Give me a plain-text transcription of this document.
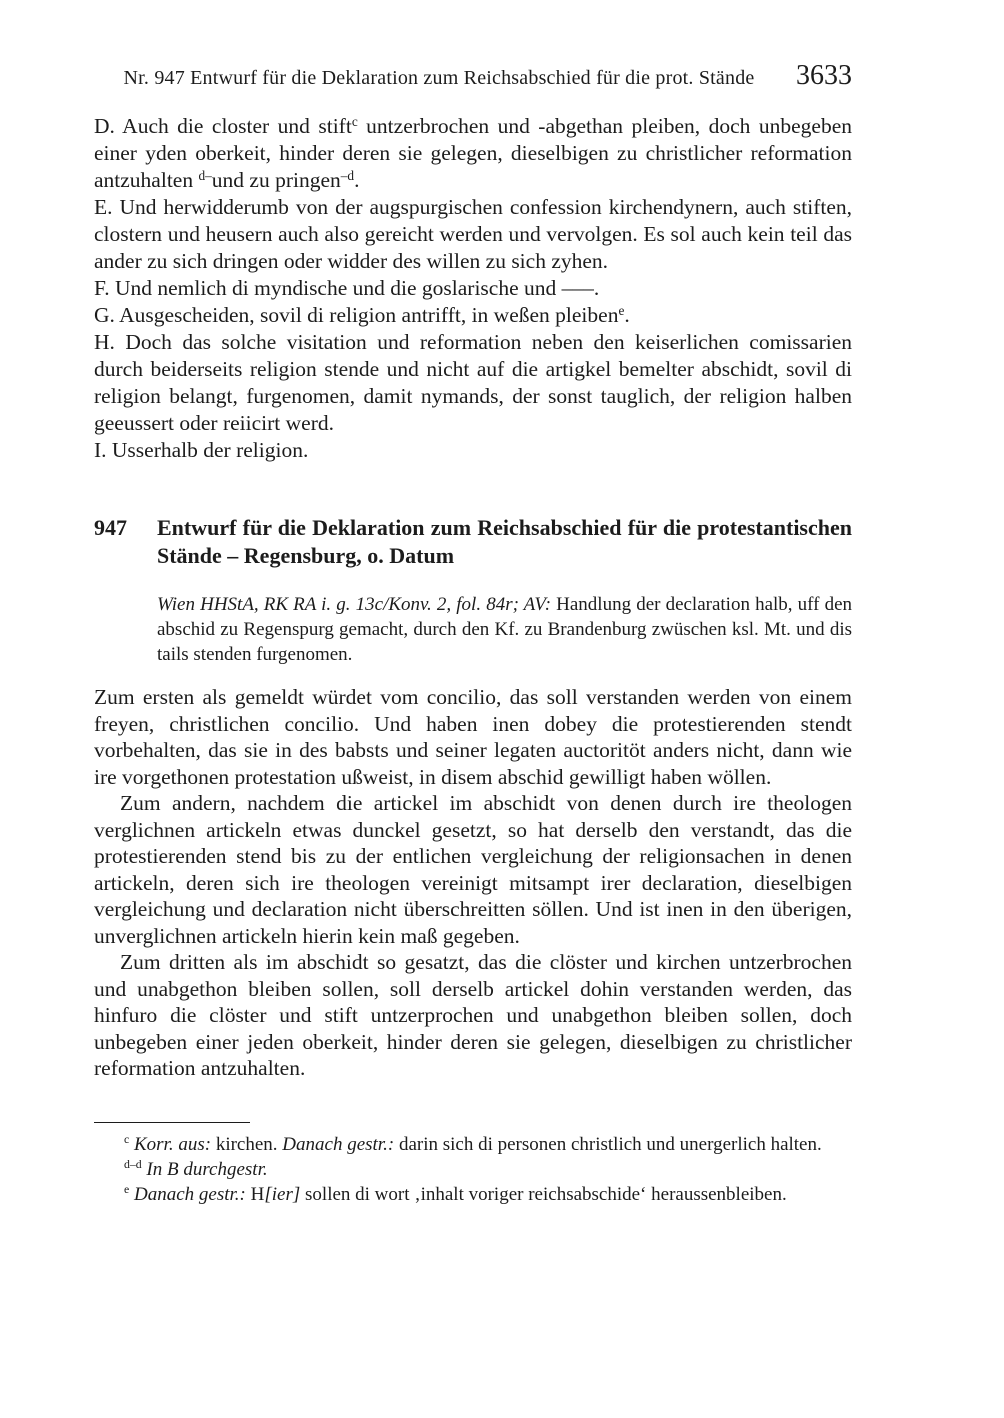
Nr. 947 Entwurf für die Deklaration zum Reichsabschied für die prot. Stände	3633

D. Auch die closter und stift$^c$ untzerbrochen und -abgethan pleiben, doch unbegeben einer yden oberkeit, hinder deren sie gelegen, dieselbigen zu christlicher reformation antzuhalten $^{d-}$und zu pringen$^{-d}$.

E. Und herwidderumb von der augspurgischen confession kirchendynern, auch stiften, clostern und heusern auch also gereicht werden und vervolgen. Es sol auch kein teil das ander zu sich dringen oder widder des willen zu sich zyhen.

F. Und nemlich di myndische und die goslarische und –––.

G. Ausgescheiden, sovil di religion antrifft, in weßen pleiben$^e$.

H. Doch das solche visitation und reformation neben den keiserlichen comissarien durch beiderseits religion stende und nicht auf die artigkel bemelter abschidt, sovil di religion belangt, furgenomen, damit nymands, der sonst tauglich, der religion halben geeussert oder reiicirt werd.

I. Usserhalb der religion.

947	Entwurf für die Deklaration zum Reichsabschied für die protestantischen Stände – Regensburg, o. Datum

Wien HHStA, RK RA i. g. 13c/Konv. 2, fol. 84r; AV: Handlung der declaration halb, uff den abschid zu Regenspurg gemacht, durch den Kf. zu Brandenburg zwüschen ksl. Mt. und dis tails stenden furgenomen.

Zum ersten als gemeldt würdet vom concilio, das soll verstanden werden von einem freyen, christlichen concilio. Und haben inen dobey die protestierenden stendt vorbehalten, das sie in des babsts und seiner legaten auctoritöt anders nicht, dann wie ire vorgethonen protestation ußweist, in disem abschid gewilligt haben wöllen.

Zum andern, nachdem die artickel im abschidt von denen durch ire theologen verglichnen artickeln etwas dunckel gesetzt, so hat derselb den verstandt, das die protestierenden stend bis zu der entlichen vergleichung der religionsachen in denen artickeln, deren sich ire theologen vereinigt mitsampt irer declaration, dieselbigen vergleichung und declaration nicht überschreitten söllen. Und ist inen in den überigen, unverglichnen artickeln hierin kein maß gegeben.

Zum dritten als im abschidt so gesatzt, das die clöster und kirchen untzerbrochen und unabgethon bleiben sollen, soll derselb artickel dohin verstanden werden, das hinfuro die clöster und stift untzerprochen und unabgethon bleiben sollen, doch unbegeben einer jeden oberkeit, hinder deren sie gelegen, dieselbigen zu christlicher reformation antzuhalten.

$^c$ Korr. aus: kirchen. Danach gestr.: darin sich di personen christlich und unergerlich halten.

$^{d-d}$ In B durchgestr.

$^e$ Danach gestr.: H[ier] sollen di wort ‚inhalt voriger reichsabschide‘ heraussenbleiben.
